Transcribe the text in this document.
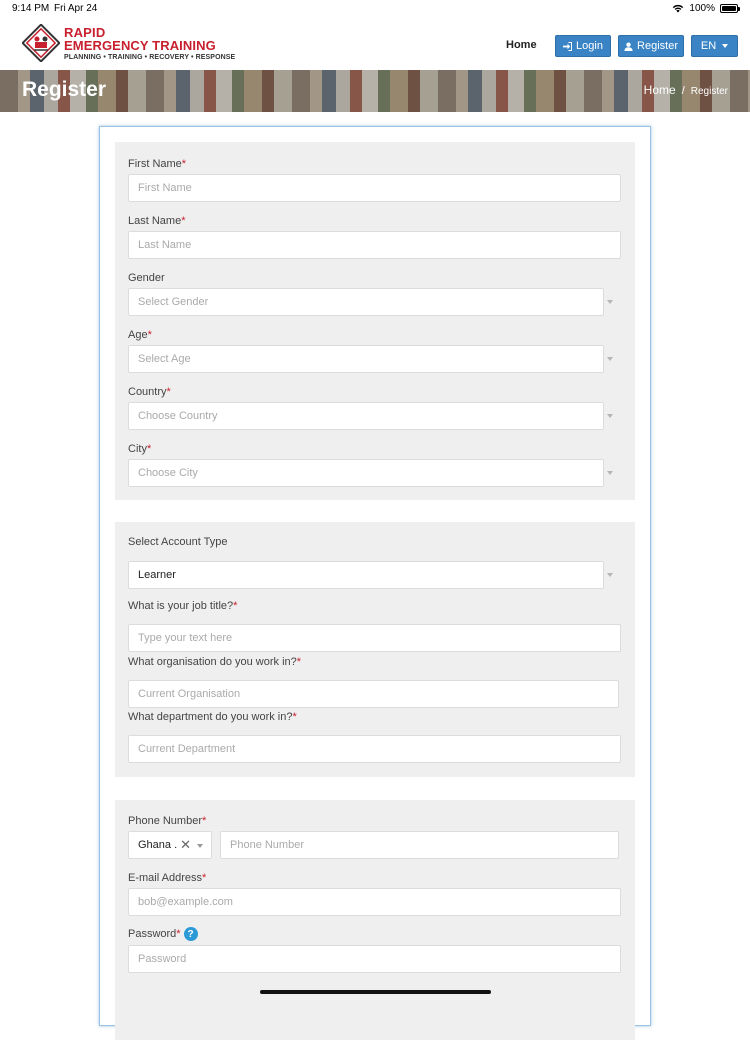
9:14 PM Fri Apr 24	100%
RAPID
EMERGENCY TRAINING
PLANNING • TRAINING • RECOVERY • RESPONSE
Home	Login	Register EN
Register	Home / Register
First Name*
First Name
Last Name*
Last Name
Gender
Select Gender
Age*
Select Age
Country*
Choose Country
City*
Choose City
Select Account Type
Learner
What is your job title?*
Type your text here
What organisation do you work in?*
Current Organisation
What department do you work in?*
Current Department
Phone Number*
Ghana . ✕	Phone Number
E-mail Address*
bob@example.com
Password* ?
Password
